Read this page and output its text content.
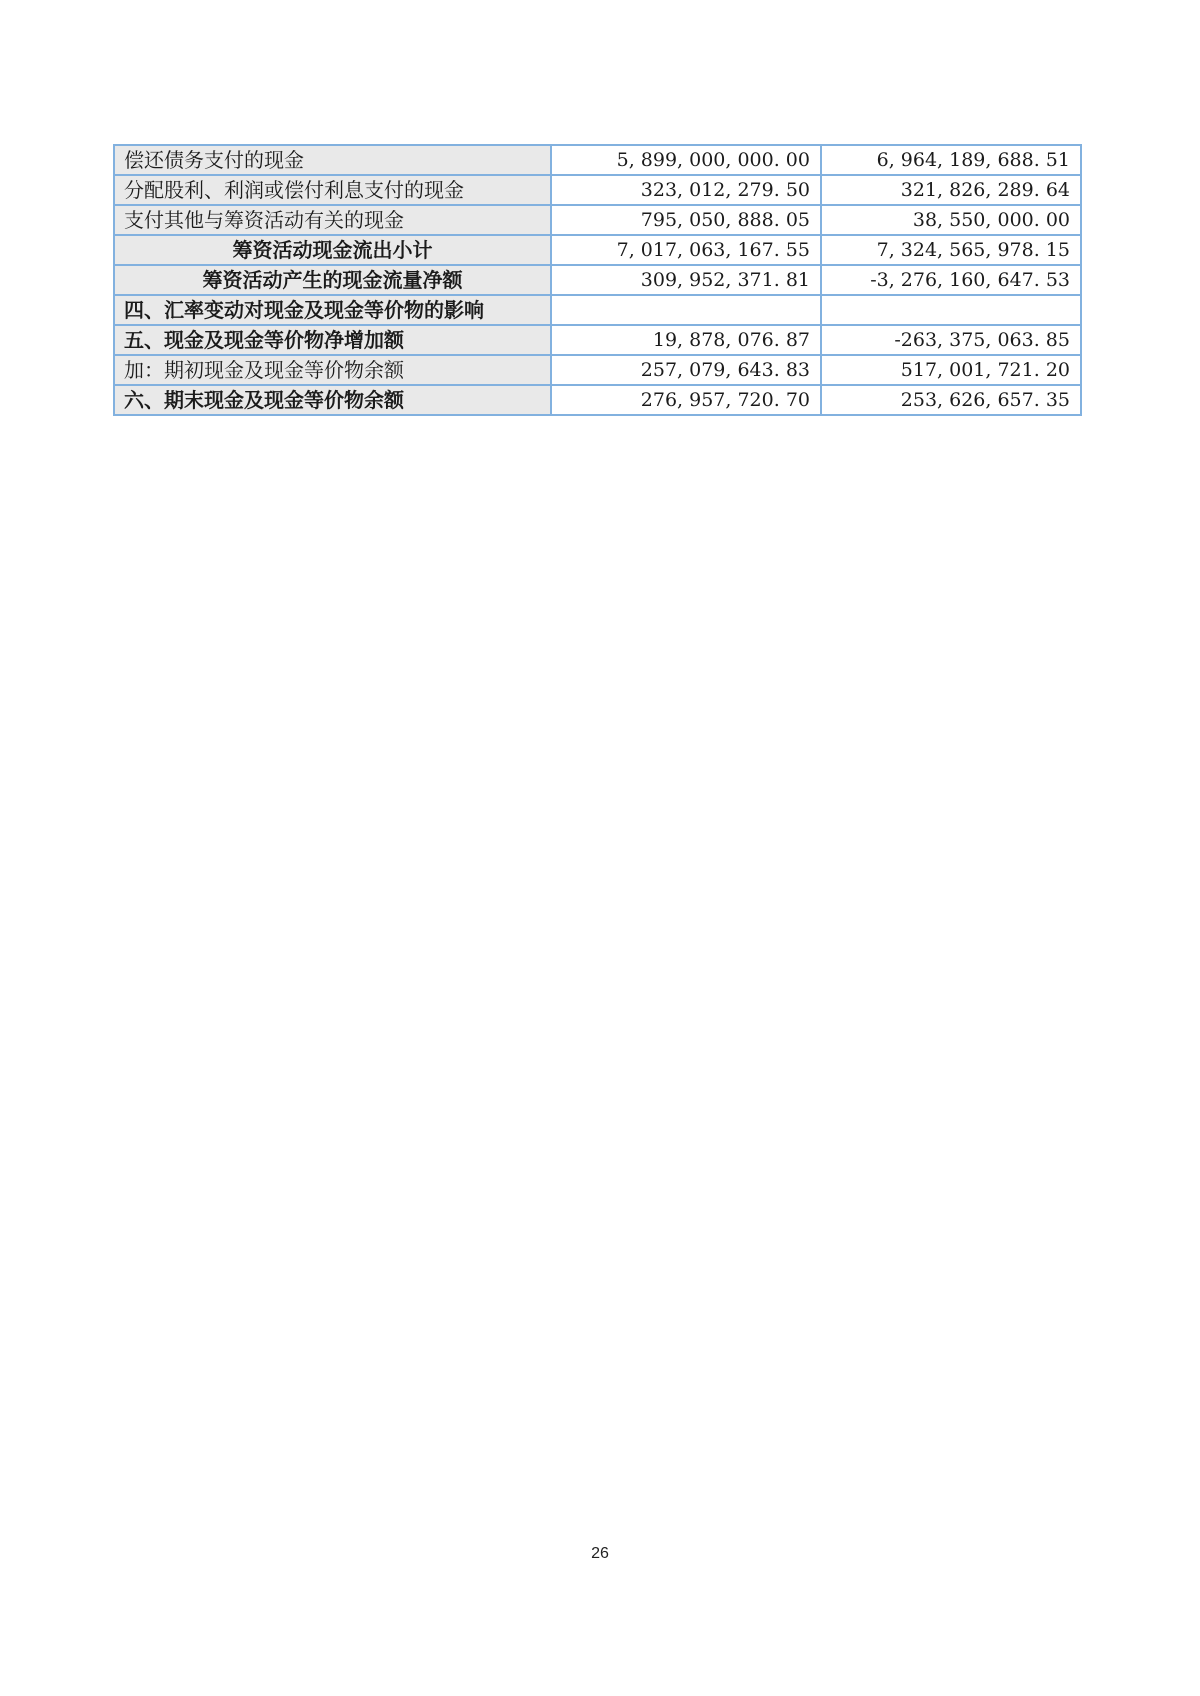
偿还债务支付的现金	5, 899, 000, 000. 00	6, 964, 189, 688. 51
分配股利、利润或偿付利息支付的现金	323, 012, 279. 50	321, 826, 289. 64
支付其他与筹资活动有关的现金	795, 050, 888. 05	38, 550, 000. 00
筹资活动现金流出小计	7, 017, 063, 167. 55	7, 324, 565, 978. 15
筹资活动产生的现金流量净额	309, 952, 371. 81	-3, 276, 160, 647. 53
四、汇率变动对现金及现金等价物的影响		
五、现金及现金等价物净增加额	19, 878, 076. 87	-263, 375, 063. 85
加：期初现金及现金等价物余额	257, 079, 643. 83	517, 001, 721. 20
六、期末现金及现金等价物余额	276, 957, 720. 70	253, 626, 657. 35
26
